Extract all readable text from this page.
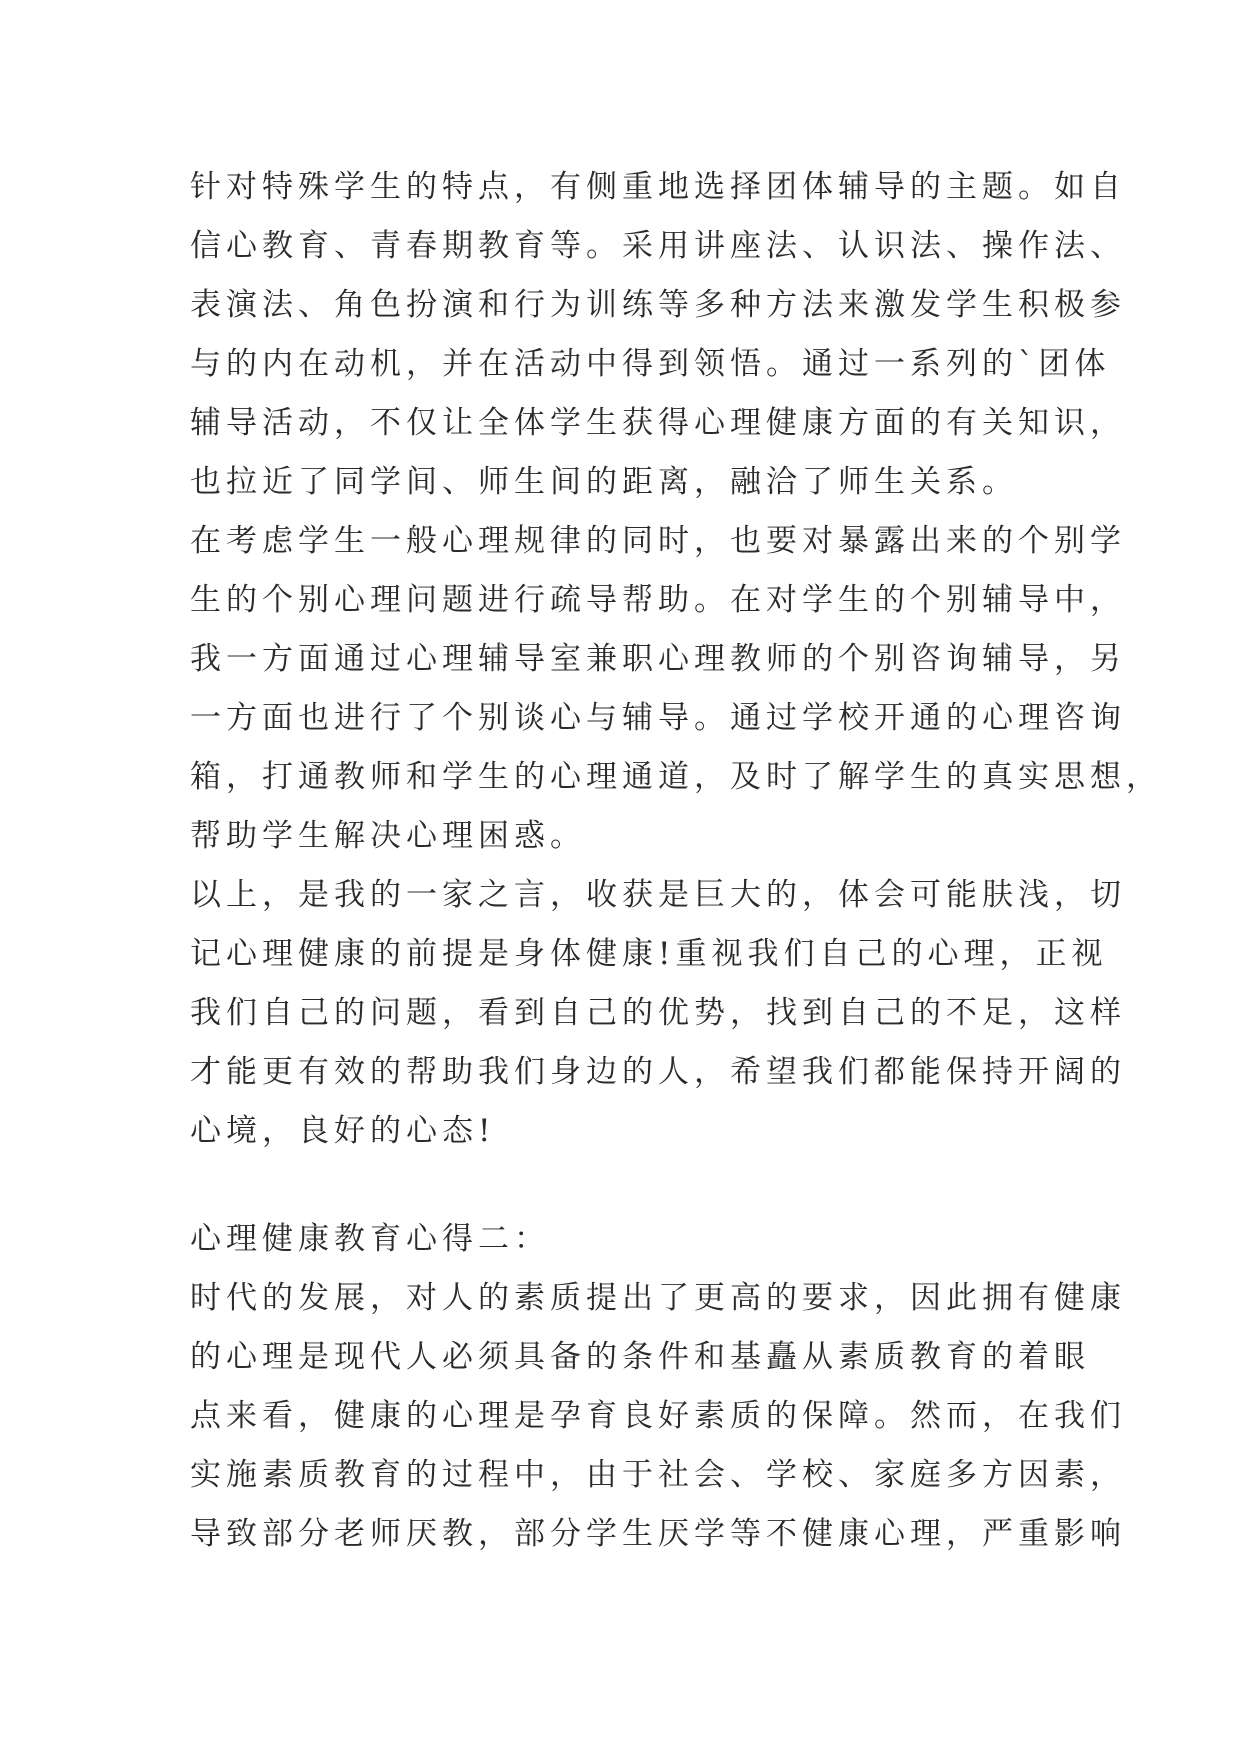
针对特殊学生的特点，有侧重地选择团体辅导的主题。如自
信心教育、青春期教育等。采用讲座法、认识法、操作法、
表演法、角色扮演和行为训练等多种方法来激发学生积极参
与的内在动机，并在活动中得到领悟。通过一系列的`团体
辅导活动，不仅让全体学生获得心理健康方面的有关知识，
也拉近了同学间、师生间的距离，融洽了师生关系。
在考虑学生一般心理规律的同时，也要对暴露出来的个别学
生的个别心理问题进行疏导帮助。在对学生的个别辅导中，
我一方面通过心理辅导室兼职心理教师的个别咨询辅导，另
一方面也进行了个别谈心与辅导。通过学校开通的心理咨询
箱，打通教师和学生的心理通道，及时了解学生的真实思想，
帮助学生解决心理困惑。
以上，是我的一家之言，收获是巨大的，体会可能肤浅，切
记心理健康的前提是身体健康!重视我们自己的心理，正视
我们自己的问题，看到自己的优势，找到自己的不足，这样
才能更有效的帮助我们身边的人，希望我们都能保持开阔的
心境，良好的心态!
心理健康教育心得二：
时代的发展，对人的素质提出了更高的要求，因此拥有健康
的心理是现代人必须具备的条件和基矗从素质教育的着眼
点来看，健康的心理是孕育良好素质的保障。然而，在我们
实施素质教育的过程中，由于社会、学校、家庭多方因素，
导致部分老师厌教，部分学生厌学等不健康心理，严重影响
